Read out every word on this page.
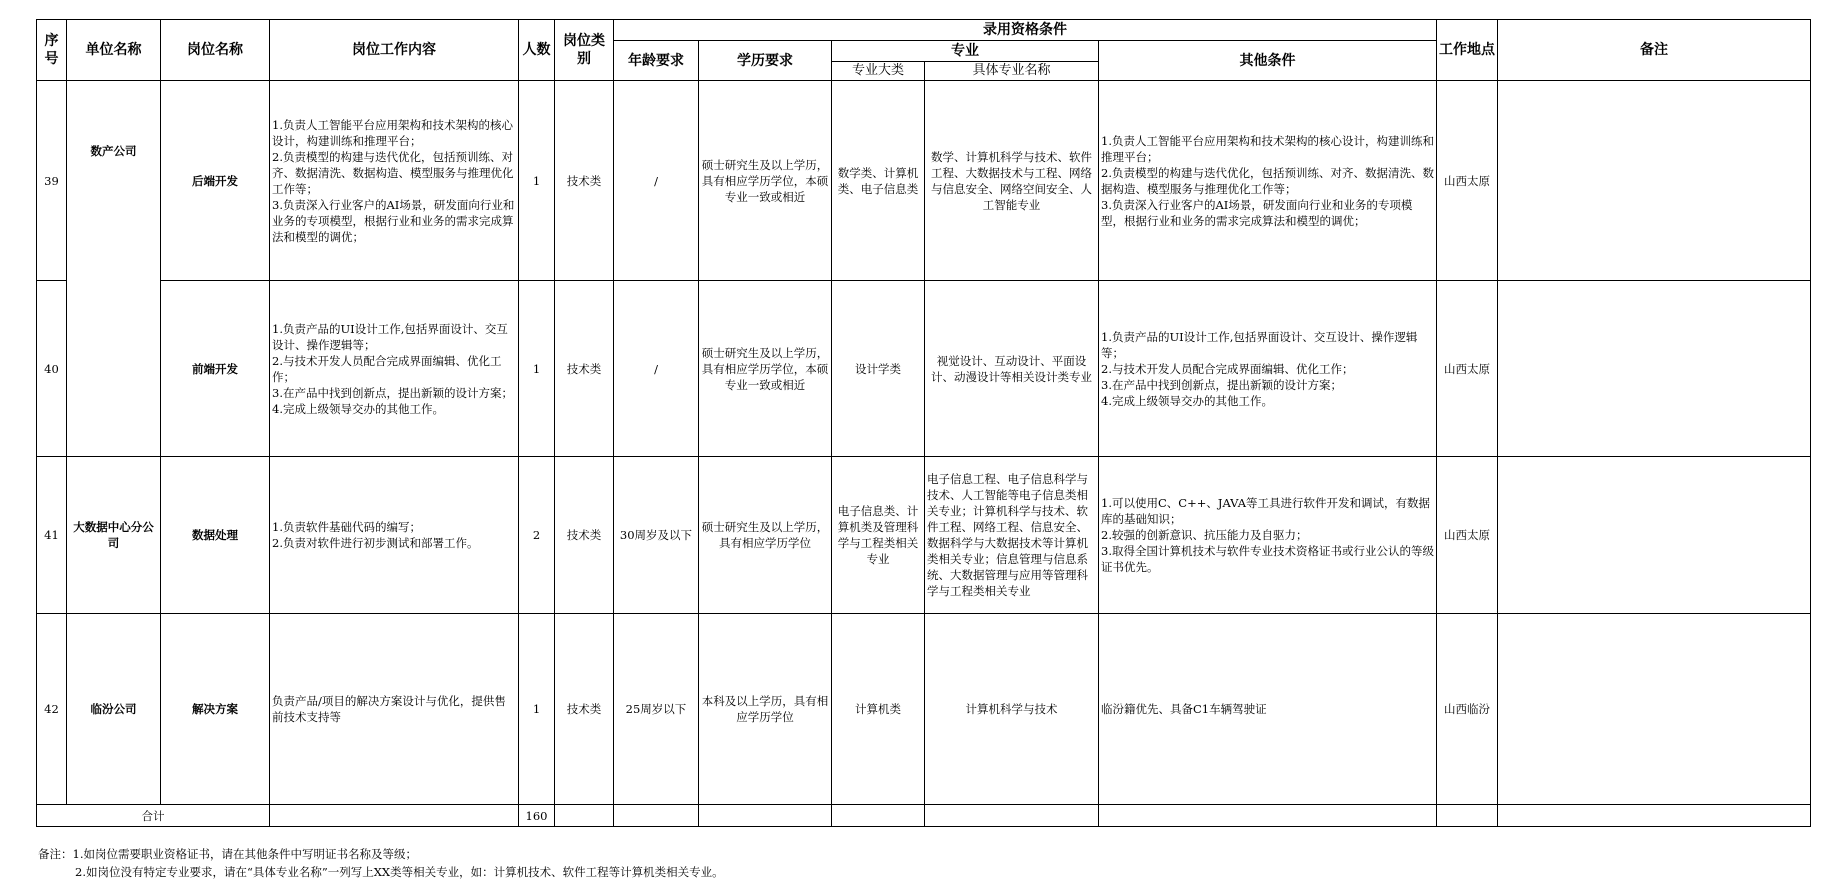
序号	单位名称	岗位名称	岗位工作内容	人数	岗位类别	录用资格条件					工作地点	备注
						年龄要求	学历要求	专业		其他条件		
								专业大类	具体专业名称			
39	数产公司	后端开发	1.负责人工智能平台应用架构和技术架构的核心设计，构建训练和推理平台；
2.负责模型的构建与迭代优化，包括预训练、对齐、数据清洗、数据构造、模型服务与推理优化工作等；
3.负责深入行业客户的AI场景，研发面向行业和业务的专项模型，根据行业和业务的需求完成算法和模型的调优；	1	技术类	/	硕士研究生及以上学历，具有相应学历学位，本硕专业一致或相近	数学类、计算机类、电子信息类	数学、计算机科学与技术、软件工程、大数据技术与工程、网络与信息安全、网络空间安全、人工智能专业	1.负责人工智能平台应用架构和技术架构的核心设计，构建训练和推理平台；
2.负责模型的构建与迭代优化，包括预训练、对齐、数据清洗、数据构造、模型服务与推理优化工作等；
3.负责深入行业客户的AI场景，研发面向行业和业务的专项模型，根据行业和业务的需求完成算法和模型的调优；	山西太原	
40		前端开发	1.负责产品的UI设计工作,包括界面设计、交互设计、操作逻辑等；
2.与技术开发人员配合完成界面编辑、优化工作；
3.在产品中找到创新点，提出新颖的设计方案；
4.完成上级领导交办的其他工作。	1	技术类	/	硕士研究生及以上学历，具有相应学历学位，本硕专业一致或相近	设计学类	视觉设计、互动设计、平面设计、动漫设计等相关设计类专业	1.负责产品的UI设计工作,包括界面设计、交互设计、操作逻辑等；
2.与技术开发人员配合完成界面编辑、优化工作；
3.在产品中找到创新点，提出新颖的设计方案；
4.完成上级领导交办的其他工作。	山西太原	
41	大数据中心分公司	数据处理	1.负责软件基础代码的编写；
2.负责对软件进行初步测试和部署工作。	2	技术类	30周岁及以下	硕士研究生及以上学历，具有相应学历学位	电子信息类、计算机类及管理科学与工程类相关专业	电子信息工程、电子信息科学与技术、人工智能等电子信息类相关专业；计算机科学与技术、软件工程、网络工程、信息安全、数据科学与大数据技术等计算机类相关专业；信息管理与信息系统、大数据管理与应用等管理科学与工程类相关专业	1.可以使用C、C++、JAVA等工具进行软件开发和调试，有数据库的基础知识；
2.较强的创新意识、抗压能力及自驱力；
3.取得全国计算机技术与软件专业技术资格证书或行业公认的等级证书优先。	山西太原	
42	临汾公司	解决方案	负责产品/项目的解决方案设计与优化，提供售前技术支持等	1	技术类	25周岁以下	本科及以上学历，具有相应学历学位	计算机类	计算机科学与技术	临汾籍优先、具备C1车辆驾驶证	山西临汾	
合计				160								
备注：1.如岗位需要职业资格证书，请在其他条件中写明证书名称及等级；
2.如岗位没有特定专业要求，请在“具体专业名称”一列写上XX类等相关专业，如：计算机技术、软件工程等计算机类相关专业。
